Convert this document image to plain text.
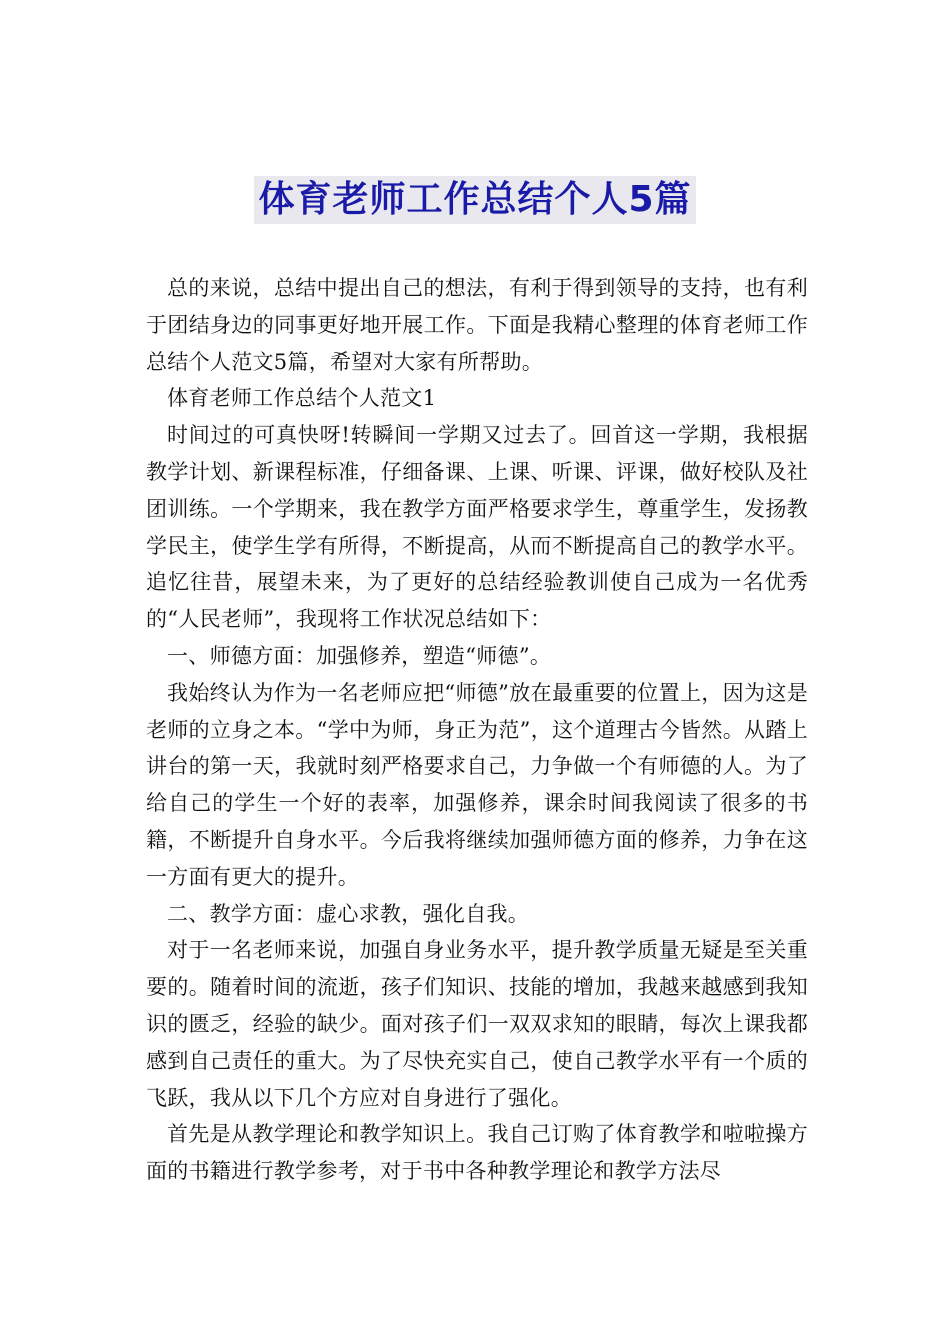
体育老师工作总结个人5篇

总的来说，总结中提出自己的想法，有利于得到领导的支持，也有利于团结身边的同事更好地开展工作。下面是我精心整理的体育老师工作总结个人范文5篇，希望对大家有所帮助。

体育老师工作总结个人范文1

时间过的可真快呀!转瞬间一学期又过去了。回首这一学期，我根据教学计划、新课程标准，仔细备课、上课、听课、评课，做好校队及社团训练。一个学期来，我在教学方面严格要求学生，尊重学生，发扬教学民主，使学生学有所得，不断提高，从而不断提高自己的教学水平。追忆往昔，展望未来，为了更好的总结经验教训使自己成为一名优秀的“人民老师”，我现将工作状况总结如下：

一、师德方面：加强修养，塑造“师德”。

我始终认为作为一名老师应把“师德”放在最重要的位置上，因为这是老师的立身之本。“学中为师，身正为范”，这个道理古今皆然。从踏上讲台的第一天，我就时刻严格要求自己，力争做一个有师德的人。为了给自己的学生一个好的表率，加强修养，课余时间我阅读了很多的书籍，不断提升自身水平。今后我将继续加强师德方面的修养，力争在这一方面有更大的提升。

二、教学方面：虚心求教，强化自我。

对于一名老师来说，加强自身业务水平，提升教学质量无疑是至关重要的。随着时间的流逝，孩子们知识、技能的增加，我越来越感到我知识的匮乏，经验的缺少。面对孩子们一双双求知的眼睛，每次上课我都感到自己责任的重大。为了尽快充实自己，使自己教学水平有一个质的飞跃，我从以下几个方应对自身进行了强化。

首先是从教学理论和教学知识上。我自己订购了体育教学和啦啦操方面的书籍进行教学参考，对于书中各种教学理论和教学方法尽
